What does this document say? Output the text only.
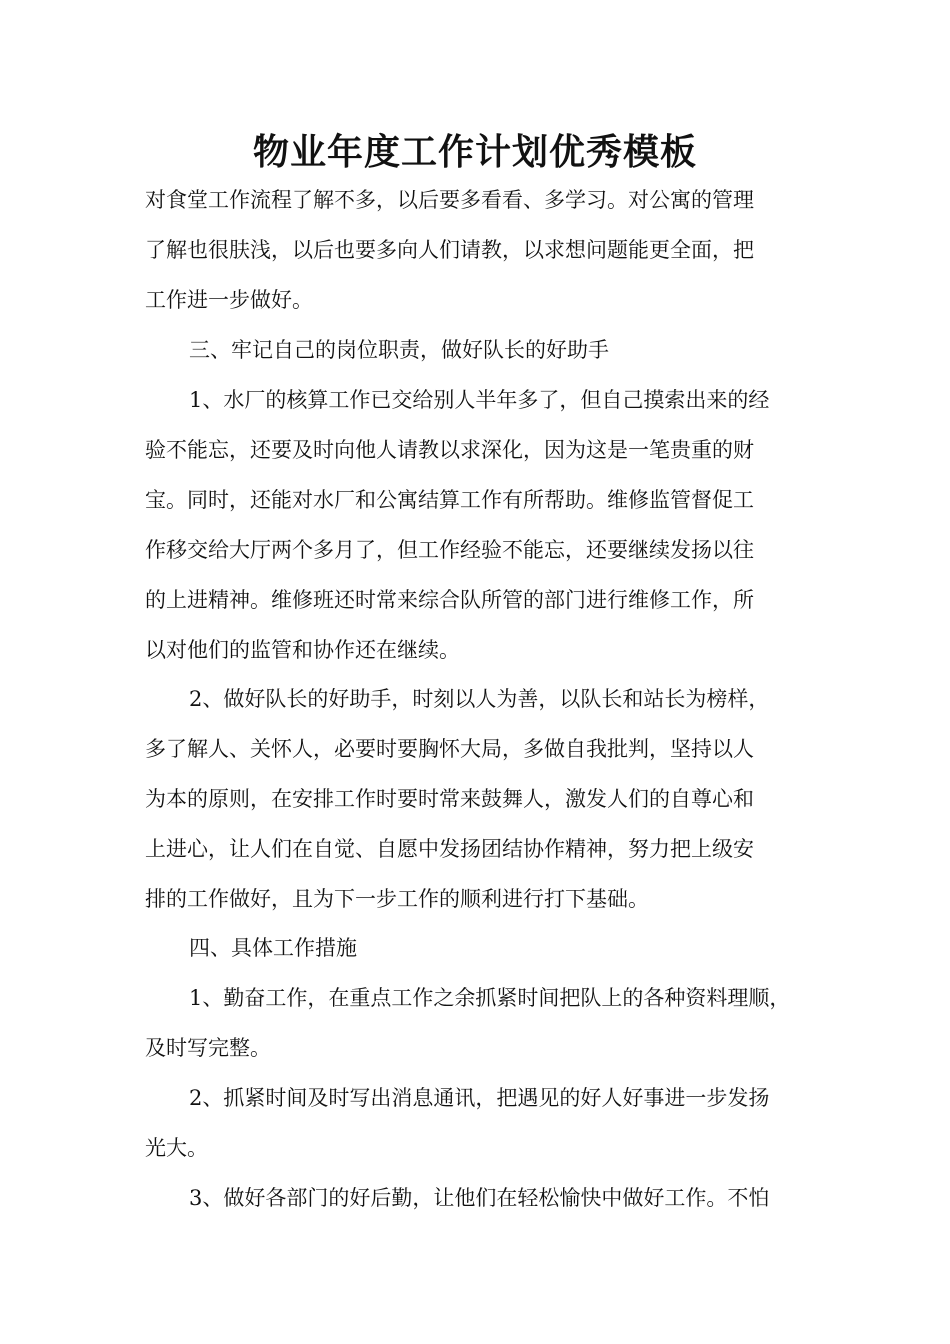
物业年度工作计划优秀模板
对食堂工作流程了解不多，以后要多看看、多学习。对公寓的管理
了解也很肤浅，以后也要多向人们请教，以求想问题能更全面，把
工作进一步做好。
三、牢记自己的岗位职责，做好队长的好助手
1、水厂的核算工作已交给别人半年多了，但自己摸索出来的经
验不能忘，还要及时向他人请教以求深化，因为这是一笔贵重的财
宝。同时，还能对水厂和公寓结算工作有所帮助。维修监管督促工
作移交给大厅两个多月了，但工作经验不能忘，还要继续发扬以往
的上进精神。维修班还时常来综合队所管的部门进行维修工作，所
以对他们的监管和协作还在继续。
2、做好队长的好助手，时刻以人为善，以队长和站长为榜样，
多了解人、关怀人，必要时要胸怀大局，多做自我批判，坚持以人
为本的原则，在安排工作时要时常来鼓舞人，激发人们的自尊心和
上进心，让人们在自觉、自愿中发扬团结协作精神，努力把上级安
排的工作做好，且为下一步工作的顺利进行打下基础。
四、具体工作措施
1、勤奋工作，在重点工作之余抓紧时间把队上的各种资料理顺，
及时写完整。
2、抓紧时间及时写出消息通讯，把遇见的好人好事进一步发扬
光大。
3、做好各部门的好后勤，让他们在轻松愉快中做好工作。不怕
